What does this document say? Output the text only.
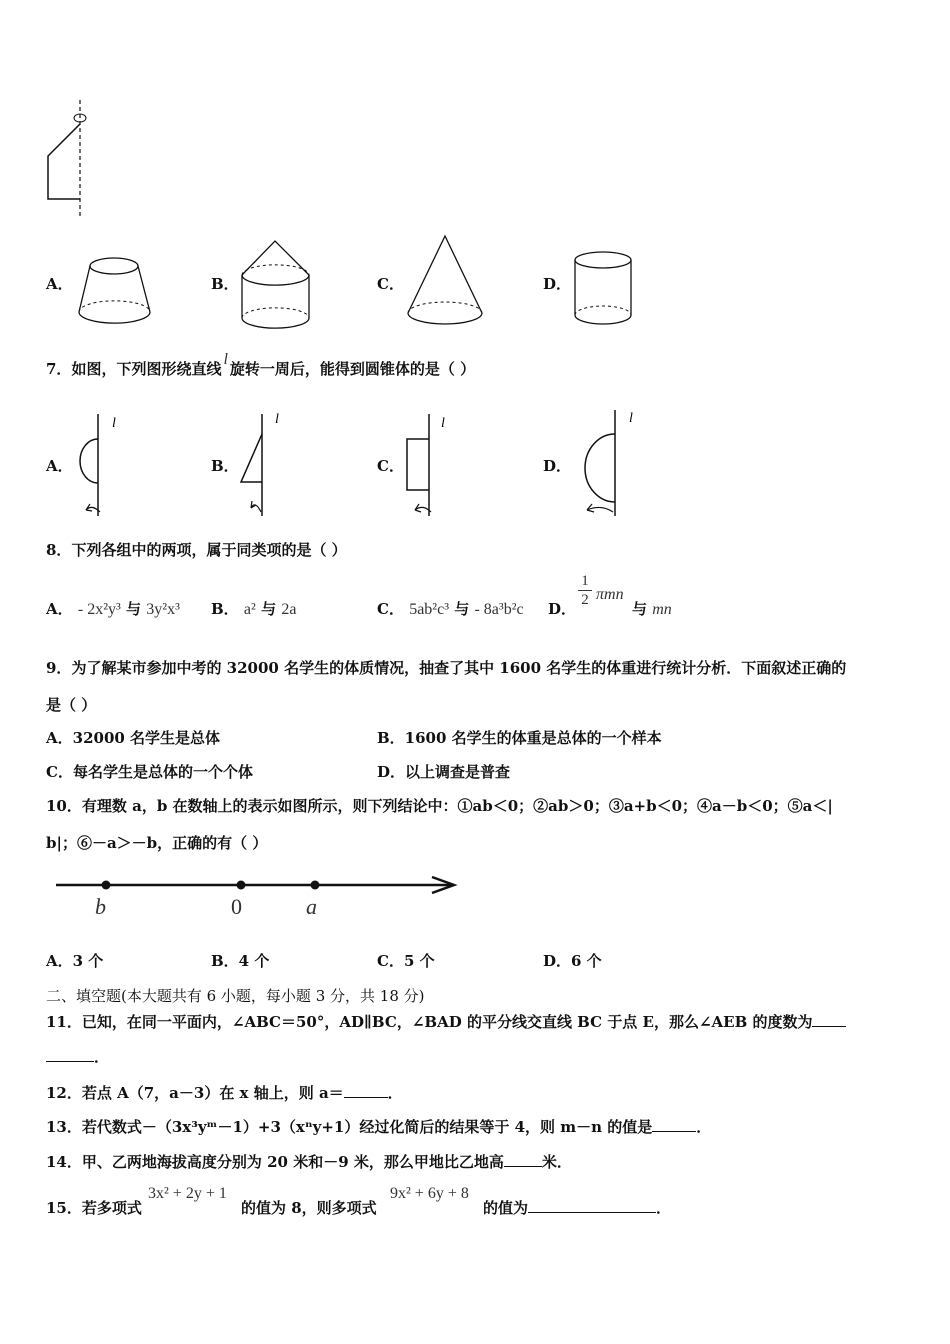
A．	B．	C．	D．
7．如图，下列图形绕直线l旋转一周后，能得到圆锥体的是（ ）
A．
l
B．
l
C．
l
D．
l
8．下列各组中的两项，属于同类项的是（ ）
A． - 2x²y³ 与 3y²x³ B． a² 与 2a	C． 5ab²c³ 与 - 8a³b²c D．
1
2 πmn
与 mn
9．为了解某市参加中考的 32000 名学生的体质情况，抽查了其中 1600 名学生的体重进行统计分析．下面叙述正确的
是（ ）
A．32000 名学生是总体	B．1600 名学生的体重是总体的一个样本
C．每名学生是总体的一个个体	D．以上调查是普查
10．有理数 a，b 在数轴上的表示如图所示，则下列结论中：①ab＜0；②ab＞0；③a+b＜0；④a－b＜0；⑤a＜|
b|；⑥－a＞－b，正确的有（ ）
b	0	a
A．3 个	B．4 个	C．5 个	D．6 个
二、填空题(本大题共有 6 小题，每小题 3 分，共 18 分)
11．已知，在同一平面内，∠ABC＝50°，AD∥BC，∠BAD 的平分线交直线 BC 于点 E，那么∠AEB 的度数为
．
12．若点 A（7，a－3）在 x 轴上，则 a＝	．
13．若代数式－（3x³yᵐ－1）+3（xⁿy+1）经过化简后的结果等于 4，则 m－n 的值是	．
14．甲、乙两地海拔高度分别为 20 米和－9 米，那么甲地比乙地高	米．
15．若多项式
3x² + 2y + 1
的值为 8，则多项式
9x² + 6y + 8
的值为	．
